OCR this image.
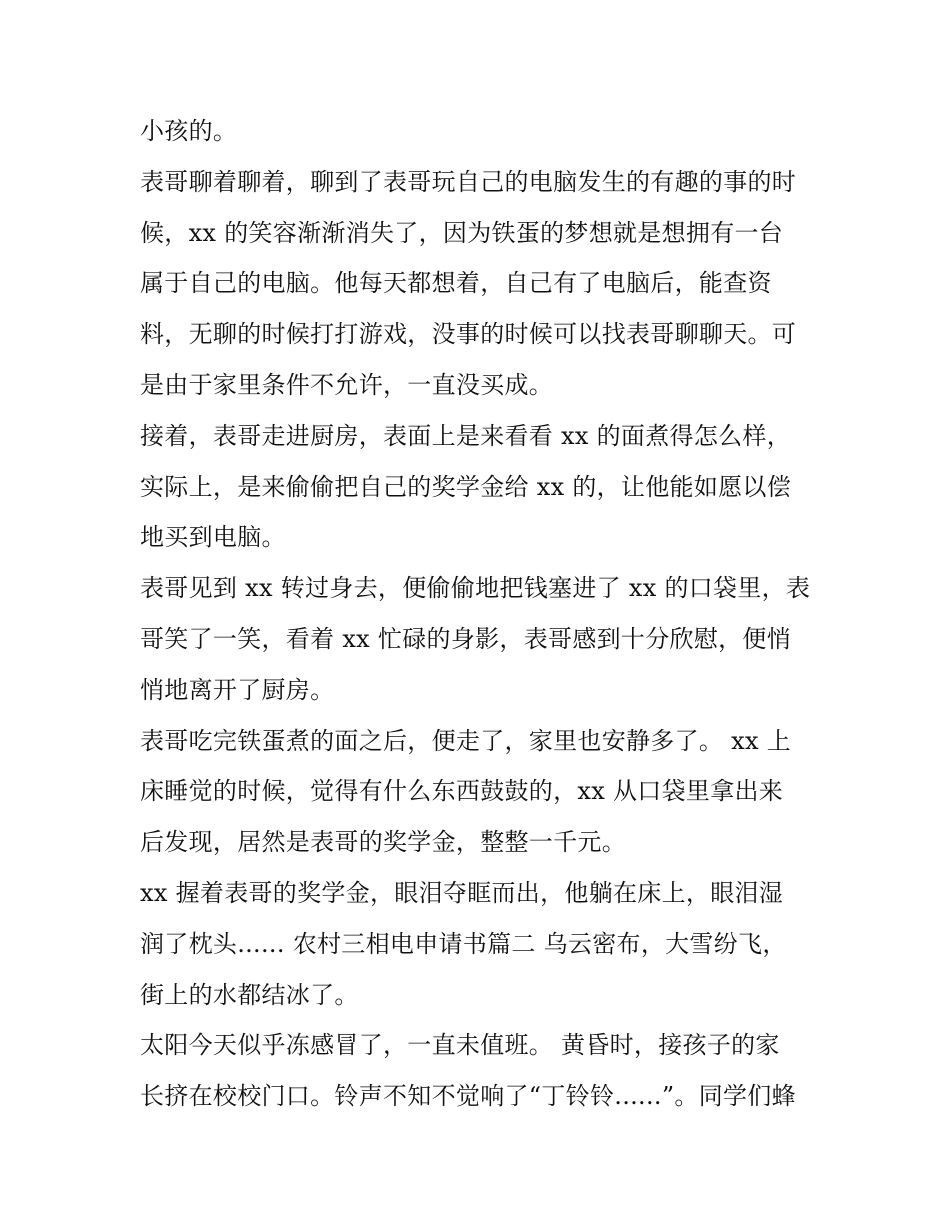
小孩的。
表哥聊着聊着，聊到了表哥玩自己的电脑发生的有趣的事的时
候，xx 的笑容渐渐消失了，因为铁蛋的梦想就是想拥有一台
属于自己的电脑。他每天都想着，自己有了电脑后，能查资
料，无聊的时候打打游戏，没事的时候可以找表哥聊聊天。可
是由于家里条件不允许，一直没买成。
接着，表哥走进厨房，表面上是来看看 xx 的面煮得怎么样，
实际上，是来偷偷把自己的奖学金给 xx 的，让他能如愿以偿
地买到电脑。
表哥见到 xx 转过身去，便偷偷地把钱塞进了 xx 的口袋里，表
哥笑了一笑，看着 xx 忙碌的身影，表哥感到十分欣慰，便悄
悄地离开了厨房。
表哥吃完铁蛋煮的面之后，便走了，家里也安静多了。 xx 上
床睡觉的时候，觉得有什么东西鼓鼓的，xx 从口袋里拿出来
后发现，居然是表哥的奖学金，整整一千元。
xx 握着表哥的奖学金，眼泪夺眶而出，他躺在床上，眼泪湿
润了枕头...... 农村三相电申请书篇二 乌云密布，大雪纷飞，
街上的水都结冰了。
太阳今天似乎冻感冒了，一直未值班。 黄昏时，接孩子的家
长挤在校校门口。铃声不知不觉响了“丁铃铃......”。同学们蜂
